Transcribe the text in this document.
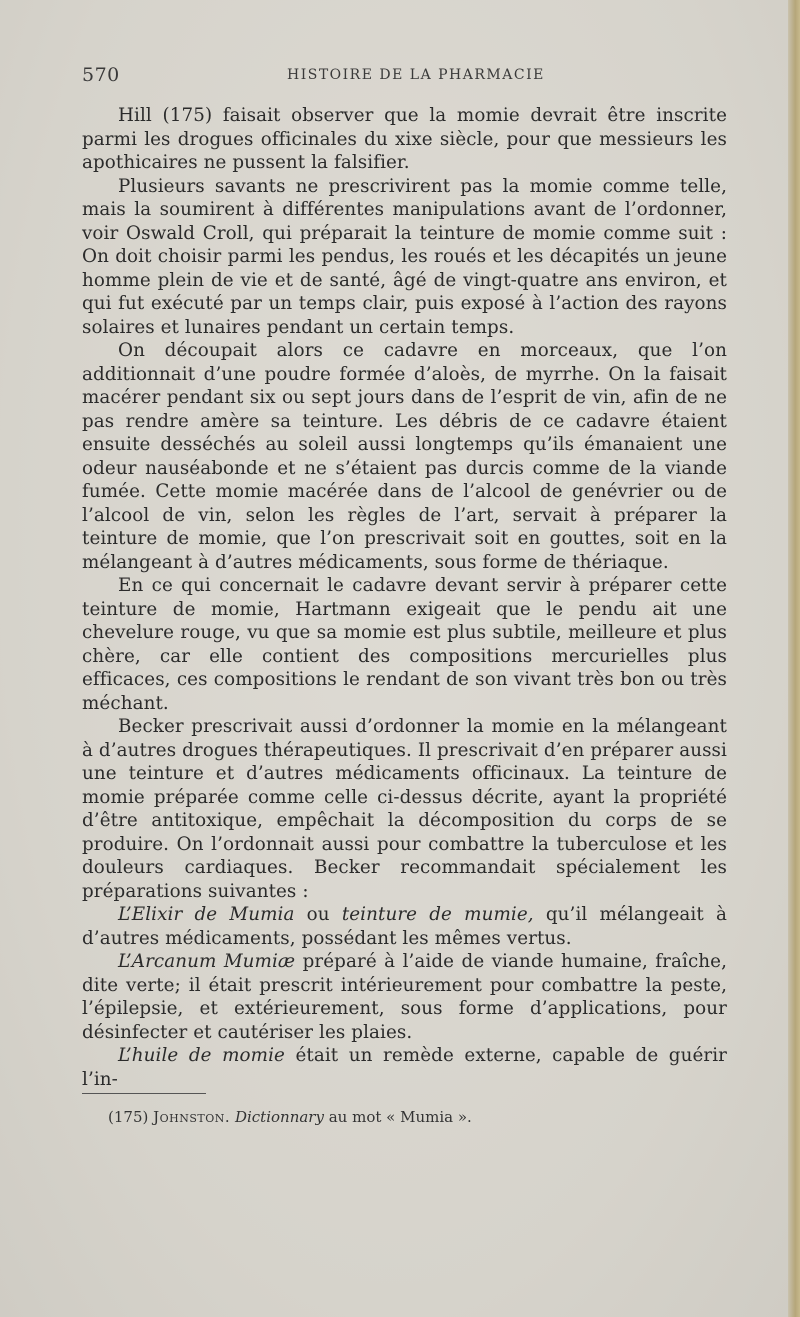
570	HISTOIRE DE LA PHARMACIE

Hill (175) faisait observer que la momie devrait être inscrite parmi les drogues officinales du xixe siècle, pour que messieurs les apothicaires ne pussent la falsifier.

Plusieurs savants ne prescrivirent pas la momie comme telle, mais la soumirent à différentes manipulations avant de l’ordonner, voir Oswald Croll, qui préparait la teinture de momie comme suit : On doit choisir parmi les pendus, les roués et les décapités un jeune homme plein de vie et de santé, âgé de vingt-quatre ans environ, et qui fut exécuté par un temps clair, puis exposé à l’action des rayons solaires et lunaires pendant un certain temps.

On découpait alors ce cadavre en morceaux, que l’on additionnait d’une poudre formée d’aloès, de myrrhe. On la faisait macérer pendant six ou sept jours dans de l’esprit de vin, afin de ne pas rendre amère sa teinture. Les débris de ce cadavre étaient ensuite desséchés au soleil aussi longtemps qu’ils émanaient une odeur nauséabonde et ne s’étaient pas durcis comme de la viande fumée. Cette momie macérée dans de l’alcool de genévrier ou de l’alcool de vin, selon les règles de l’art, servait à préparer la teinture de momie, que l’on prescrivait soit en gouttes, soit en la mélangeant à d’autres médicaments, sous forme de thériaque.

En ce qui concernait le cadavre devant servir à préparer cette teinture de momie, Hartmann exigeait que le pendu ait une chevelure rouge, vu que sa momie est plus subtile, meilleure et plus chère, car elle contient des compositions mercurielles plus efficaces, ces compositions le rendant de son vivant très bon ou très méchant.

Becker prescrivait aussi d’ordonner la momie en la mélangeant à d’autres drogues thérapeutiques. Il prescrivait d’en préparer aussi une teinture et d’autres médicaments officinaux. La teinture de momie préparée comme celle ci-dessus décrite, ayant la propriété d’être antitoxique, empêchait la décomposition du corps de se produire. On l’ordonnait aussi pour combattre la tuberculose et les douleurs cardiaques. Becker recommandait spécialement les préparations suivantes :

L’Elixir de Mumia ou teinture de mumie, qu’il mélangeait à d’autres médicaments, possédant les mêmes vertus.

L’Arcanum Mumiæ préparé à l’aide de viande humaine, fraîche, dite verte; il était prescrit intérieurement pour combattre la peste, l’épilepsie, et extérieurement, sous forme d’applications, pour désinfecter et cautériser les plaies.

L’huile de momie était un remède externe, capable de guérir l’in-

(175) Johnston. Dictionnary au mot « Mumia ».
